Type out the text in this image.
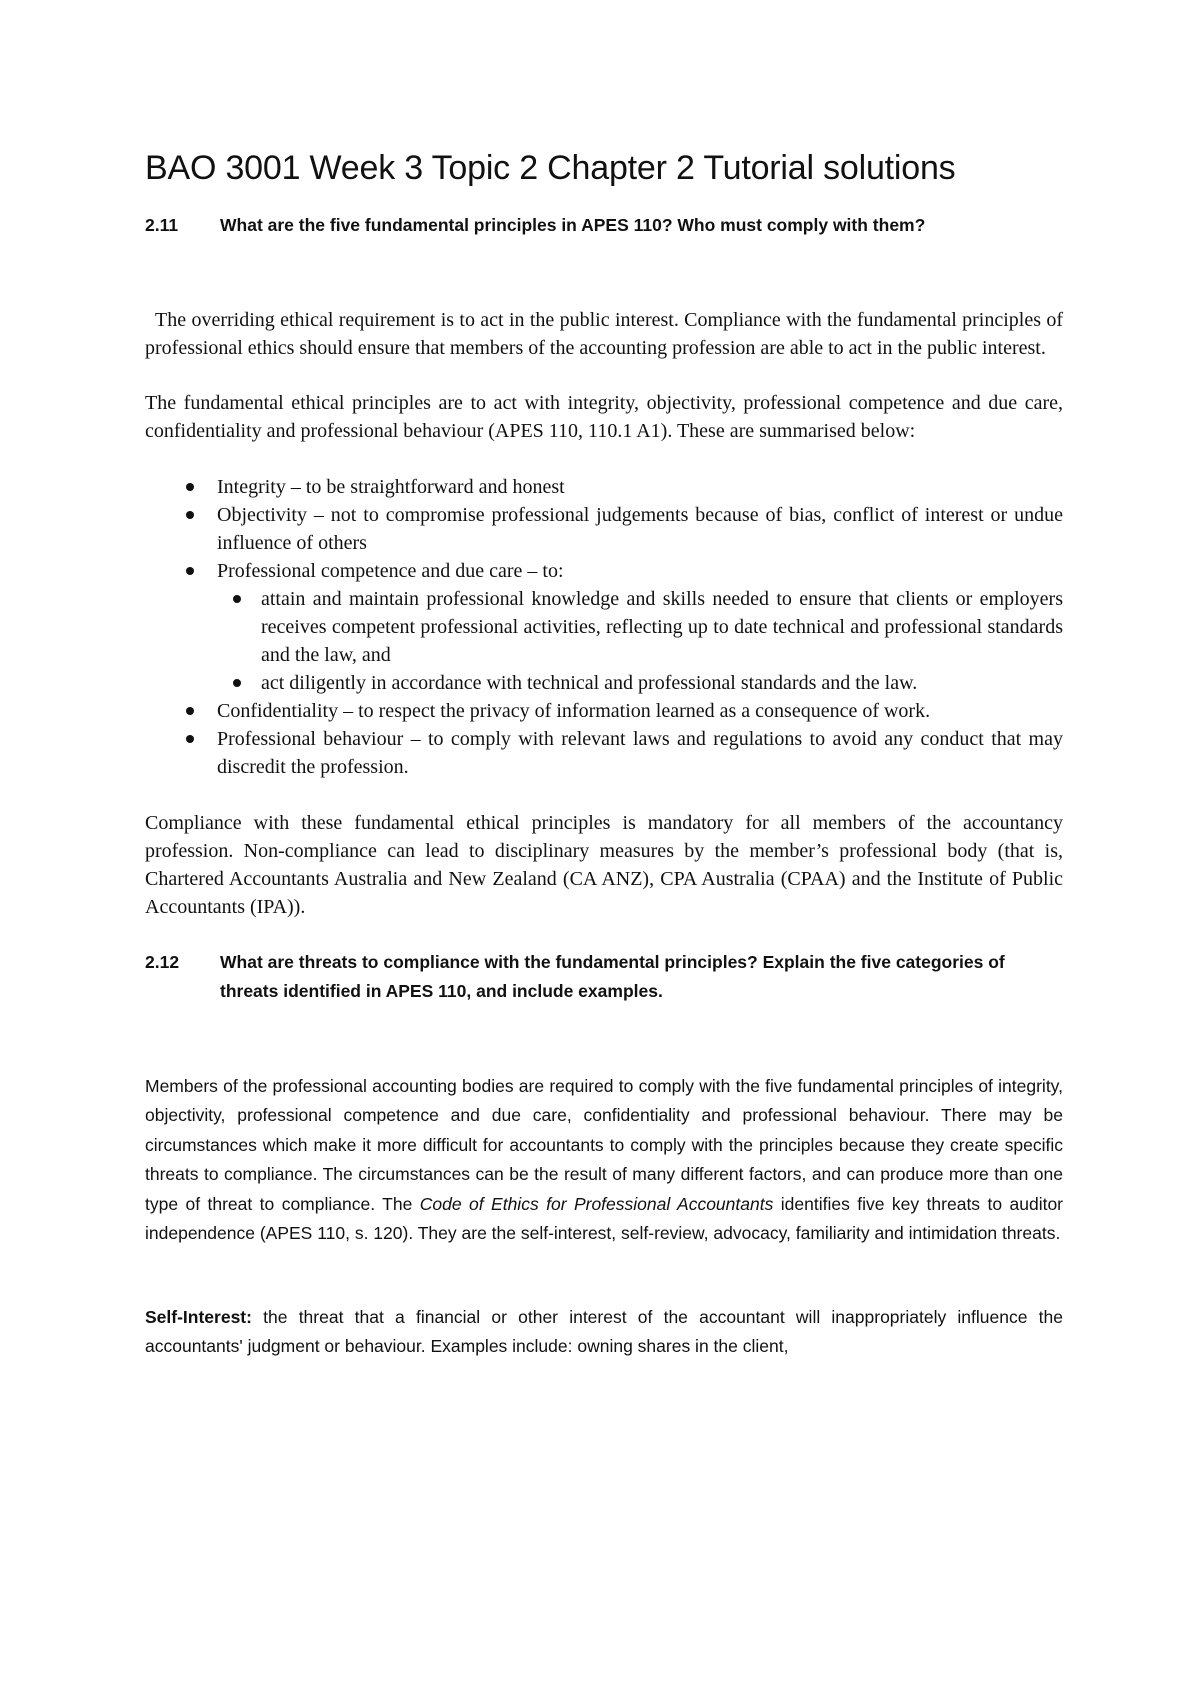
BAO 3001 Week 3 Topic 2 Chapter 2 Tutorial solutions
2.11	What are the five fundamental principles in APES 110? Who must comply with them?

The overriding ethical requirement is to act in the public interest. Compliance with the fundamental principles of professional ethics should ensure that members of the accounting profession are able to act in the public interest.

The fundamental ethical principles are to act with integrity, objectivity, professional competence and due care, confidentiality and professional behaviour (APES 110, 110.1 A1). These are summarised below:

Integrity – to be straightforward and honest
Objectivity – not to compromise professional judgements because of bias, conflict of interest or undue influence of others
Professional competence and due care – to:
attain and maintain professional knowledge and skills needed to ensure that clients or employers receives competent professional activities, reflecting up to date technical and professional standards and the law, and
act diligently in accordance with technical and professional standards and the law.
Confidentiality – to respect the privacy of information learned as a consequence of work.
Professional behaviour – to comply with relevant laws and regulations to avoid any conduct that may discredit the profession.

Compliance with these fundamental ethical principles is mandatory for all members of the accountancy profession. Non-compliance can lead to disciplinary measures by the member’s professional body (that is, Chartered Accountants Australia and New Zealand (CA ANZ), CPA Australia (CPAA) and the Institute of Public Accountants (IPA)).

2.12	What are threats to compliance with the fundamental principles? Explain the five categories of threats identified in APES 110, and include examples.

Members of the professional accounting bodies are required to comply with the five fundamental principles of integrity, objectivity, professional competence and due care, confidentiality and professional behaviour. There may be circumstances which make it more difficult for accountants to comply with the principles because they create specific threats to compliance. The circumstances can be the result of many different factors, and can produce more than one type of threat to compliance. The Code of Ethics for Professional Accountants identifies five key threats to auditor independence (APES 110, s. 120). They are the self-interest, self-review, advocacy, familiarity and intimidation threats.

Self-Interest: the threat that a financial or other interest of the accountant will inappropriately influence the accountants' judgment or behaviour. Examples include: owning shares in the client,
